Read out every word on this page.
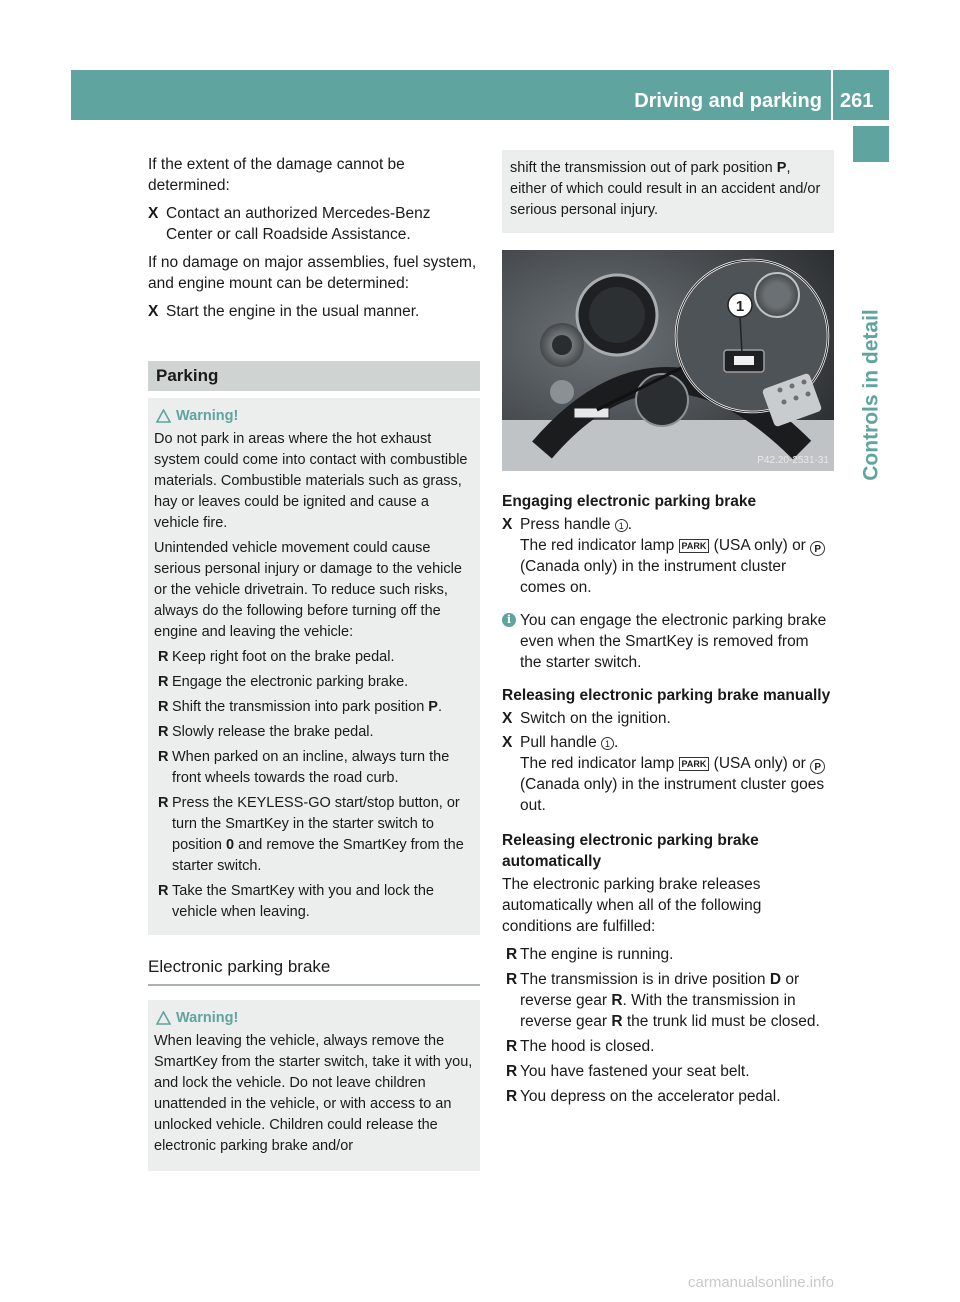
Driving and parking 261
Controls in detail

If the extent of the damage cannot be determined:

X Contact an authorized Mercedes-Benz Center or call Roadside Assistance.

If no damage on major assemblies, fuel system, and engine mount can be determined:

X Start the engine in the usual manner.
Parking
Warning!

Do not park in areas where the hot exhaust system could come into contact with combustible materials. Combustible materials such as grass, hay or leaves could be ignited and cause a vehicle fire.

Unintended vehicle movement could cause serious personal injury or damage to the vehicle or the vehicle drivetrain. To reduce such risks, always do the following before turning off the engine and leaving the vehicle:

R Keep right foot on the brake pedal.
R Engage the electronic parking brake.
R Shift the transmission into park position P.
R Slowly release the brake pedal.
R When parked on an incline, always turn the front wheels towards the road curb.
R Press the KEYLESS-GO start/stop button, or turn the SmartKey in the starter switch to position 0 and remove the SmartKey from the starter switch.
R Take the SmartKey with you and lock the vehicle when leaving.
Electronic parking brake
Warning!

When leaving the vehicle, always remove the SmartKey from the starter switch, take it with you, and lock the vehicle. Do not leave children unattended in the vehicle, or with access to an unlocked vehicle. Children could release the electronic parking brake and/or

shift the transmission out of park position P, either of which could result in an accident and/or serious personal injury.
1
P42.20-2531-31

Engaging electronic parking brake

X Press handle 1 .
The red indicator lamp PARK (USA only) or P (Canada only) in the instrument cluster comes on.
i You can engage the electronic parking brake even when the SmartKey is removed from the starter switch.

Releasing electronic parking brake manually

X Switch on the ignition.
X Pull handle 1 .
The red indicator lamp PARK (USA only) or P (Canada only) in the instrument cluster goes out.

Releasing electronic parking brake automatically

The electronic parking brake releases automatically when all of the following conditions are fulfilled:

R The engine is running.
R The transmission is in drive position D or reverse gear R. With the transmission in reverse gear R the trunk lid must be closed.
R The hood is closed.
R You have fastened your seat belt.
R You depress on the accelerator pedal.
carmanualsonline.info
